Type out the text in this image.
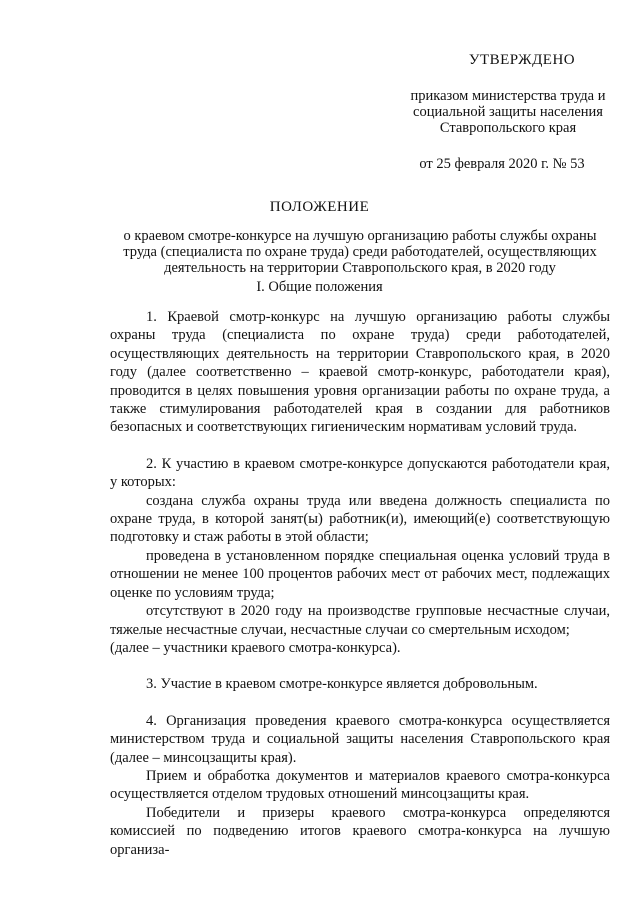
УТВЕРЖДЕНО
приказом министерства труда и
социальной защиты населения
Ставропольского края
от 25 февраля 2020 г. № 53
ПОЛОЖЕНИЕ
о краевом смотре-конкурсе на лучшую организацию работы службы охраны труда (специалиста по охране труда) среди работодателей, осуществляющих деятельность на территории Ставропольского края, в 2020 году
I. Общие положения

1. Краевой смотр-конкурс на лучшую организацию работы службы охраны труда (специалиста по охране труда) среди работодателей, осуществляющих деятельность на территории Ставропольского края, в 2020 году (далее соответственно – краевой смотр-конкурс, работодатели края), проводится в целях повышения уровня организации работы по охране труда, а также стимулирования работодателей края в создании для работников безопасных и соответствующих гигиеническим нормативам условий труда.

2. К участию в краевом смотре-конкурсе допускаются работодатели края, у которых:

создана служба охраны труда или введена должность специалиста по охране труда, в которой занят(ы) работник(и), имеющий(е) соответствующую подготовку и стаж работы в этой области;

проведена в установленном порядке специальная оценка условий труда в отношении не менее 100 процентов рабочих мест от рабочих мест, подлежащих оценке по условиям труда;

отсутствуют в 2020 году на производстве групповые несчастные случаи, тяжелые несчастные случаи, несчастные случаи со смертельным исходом;

(далее – участники краевого смотра-конкурса).

3. Участие в краевом смотре-конкурсе является добровольным.

4. Организация проведения краевого смотра-конкурса осуществляется министерством труда и социальной защиты населения Ставропольского края (далее – минсоцзащиты края).

Прием и обработка документов и материалов краевого смотра-конкурса осуществляется отделом трудовых отношений минсоцзащиты края.

Победители и призеры краевого смотра-конкурса определяются комиссией по подведению итогов краевого смотра-конкурса на лучшую организа-
